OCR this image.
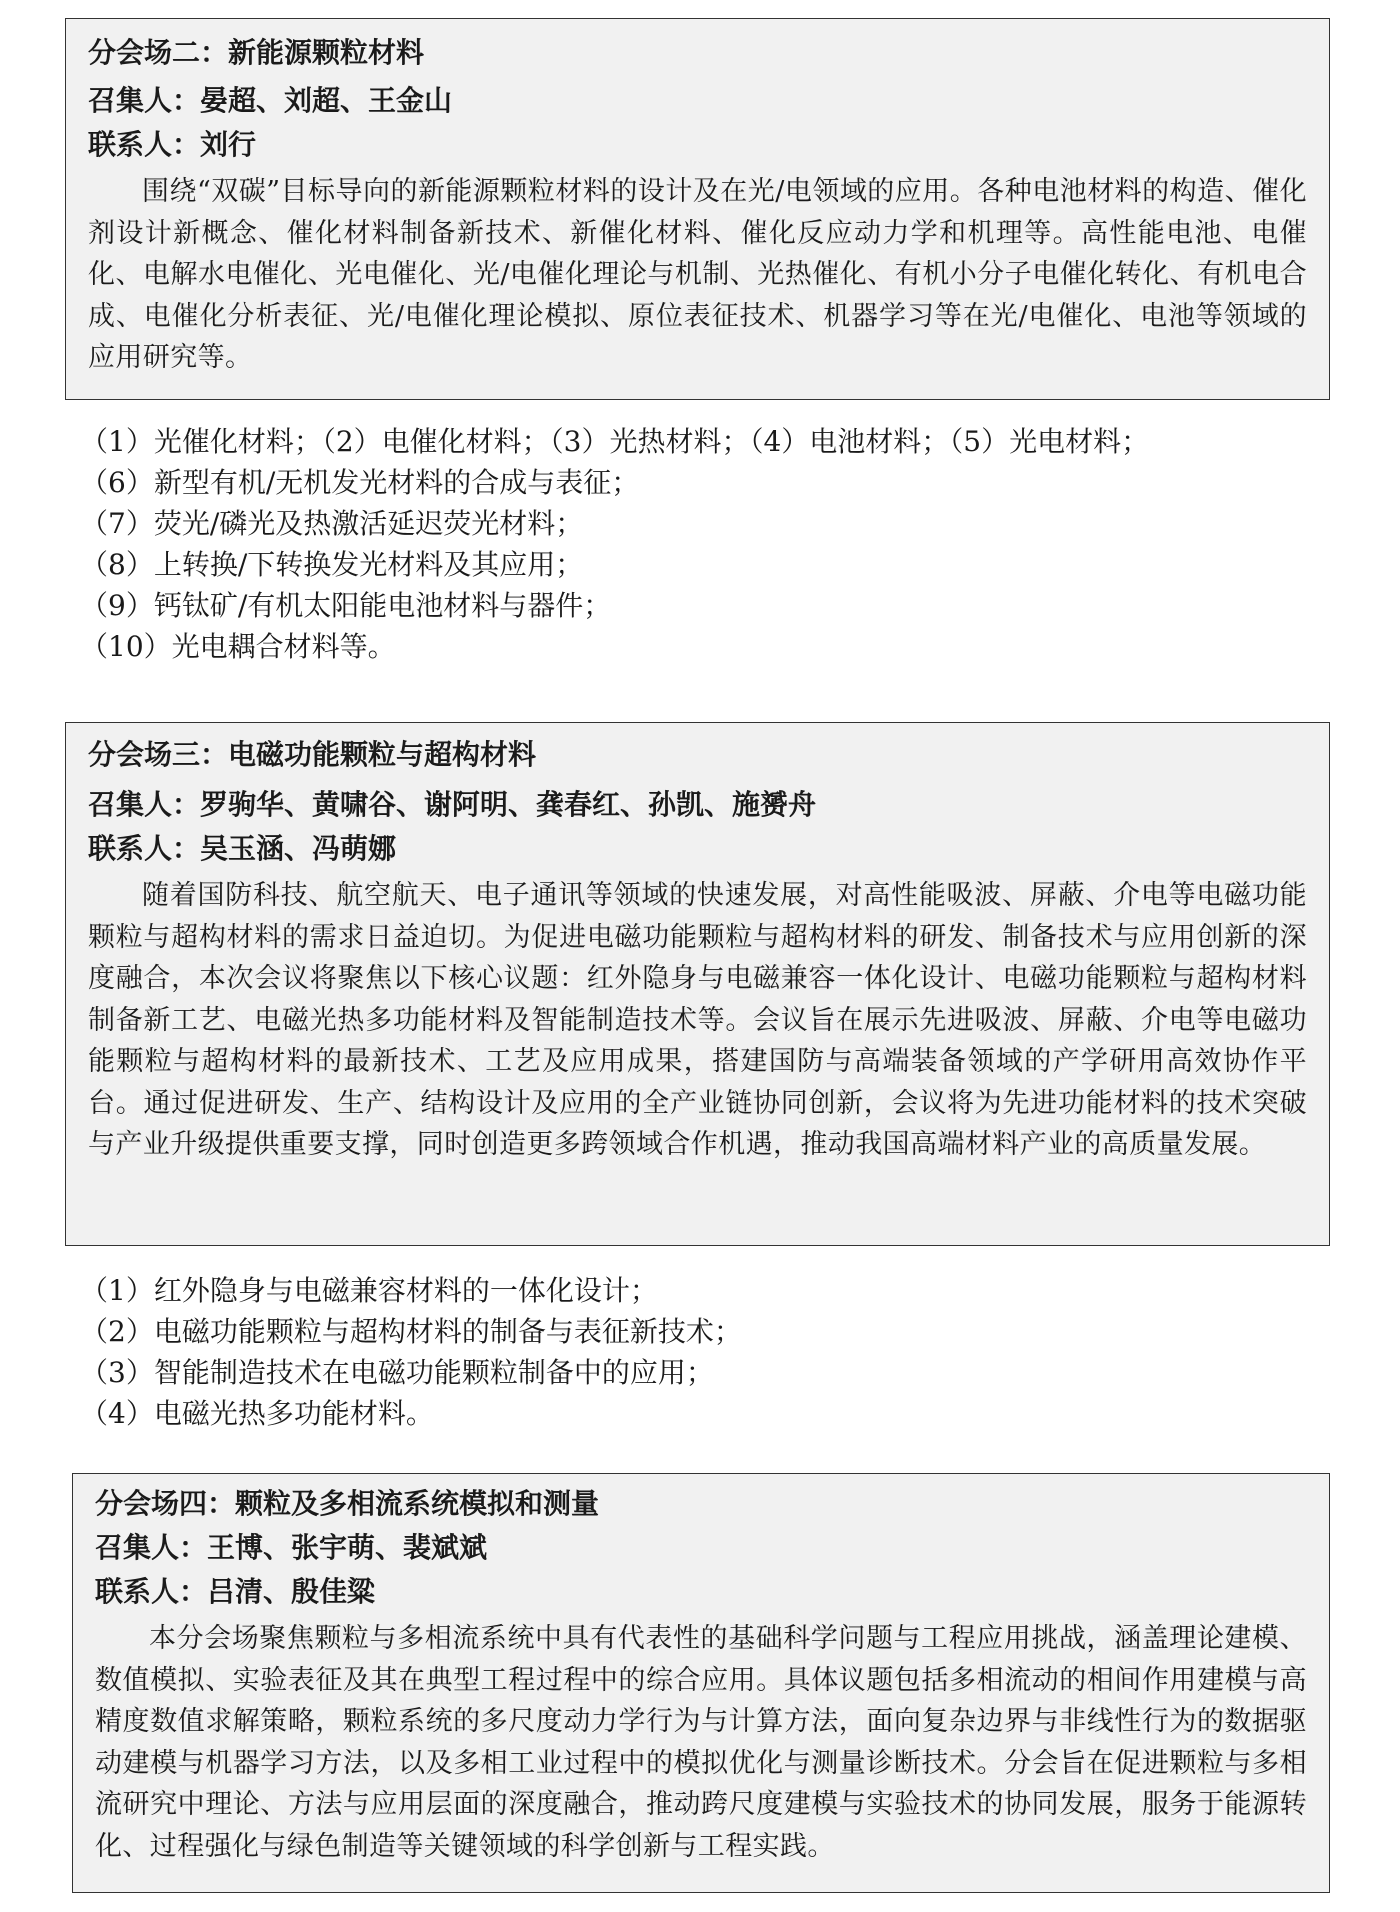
分会场二：新能源颗粒材料
召集人：晏超、刘超、王金山
联系人：刘行
围绕“双碳”目标导向的新能源颗粒材料的设计及在光/电领域的应用。各种电池材料的构造、催化剂设计新概念、催化材料制备新技术、新催化材料、催化反应动力学和机理等。高性能电池、电催化、电解水电催化、光电催化、光/电催化理论与机制、光热催化、有机小分子电催化转化、有机电合成、电催化分析表征、光/电催化理论模拟、原位表征技术、机器学习等在光/电催化、电池等领域的应用研究等。
（1）光催化材料；（2）电催化材料；（3）光热材料；（4）电池材料；（5）光电材料；
（6）新型有机/无机发光材料的合成与表征；
（7）荧光/磷光及热激活延迟荧光材料；
（8）上转换/下转换发光材料及其应用；
（9）钙钛矿/有机太阳能电池材料与器件；
（10）光电耦合材料等。
分会场三：电磁功能颗粒与超构材料
召集人：罗驹华、黄啸谷、谢阿明、龚春红、孙凯、施赟舟
联系人：吴玉涵、冯萌娜
随着国防科技、航空航天、电子通讯等领域的快速发展，对高性能吸波、屏蔽、介电等电磁功能颗粒与超构材料的需求日益迫切。为促进电磁功能颗粒与超构材料的研发、制备技术与应用创新的深度融合，本次会议将聚焦以下核心议题：红外隐身与电磁兼容一体化设计、电磁功能颗粒与超构材料制备新工艺、电磁光热多功能材料及智能制造技术等。会议旨在展示先进吸波、屏蔽、介电等电磁功能颗粒与超构材料的最新技术、工艺及应用成果，搭建国防与高端装备领域的产学研用高效协作平台。通过促进研发、生产、结构设计及应用的全产业链协同创新，会议将为先进功能材料的技术突破与产业升级提供重要支撑，同时创造更多跨领域合作机遇，推动我国高端材料产业的高质量发展。
（1）红外隐身与电磁兼容材料的一体化设计；
（2）电磁功能颗粒与超构材料的制备与表征新技术；
（3）智能制造技术在电磁功能颗粒制备中的应用；
（4）电磁光热多功能材料。
分会场四：颗粒及多相流系统模拟和测量
召集人：王博、张宇萌、裴斌斌
联系人：吕清、殷佳粱
本分会场聚焦颗粒与多相流系统中具有代表性的基础科学问题与工程应用挑战，涵盖理论建模、数值模拟、实验表征及其在典型工程过程中的综合应用。具体议题包括多相流动的相间作用建模与高精度数值求解策略，颗粒系统的多尺度动力学行为与计算方法，面向复杂边界与非线性行为的数据驱动建模与机器学习方法，以及多相工业过程中的模拟优化与测量诊断技术。分会旨在促进颗粒与多相流研究中理论、方法与应用层面的深度融合，推动跨尺度建模与实验技术的协同发展，服务于能源转化、过程强化与绿色制造等关键领域的科学创新与工程实践。
